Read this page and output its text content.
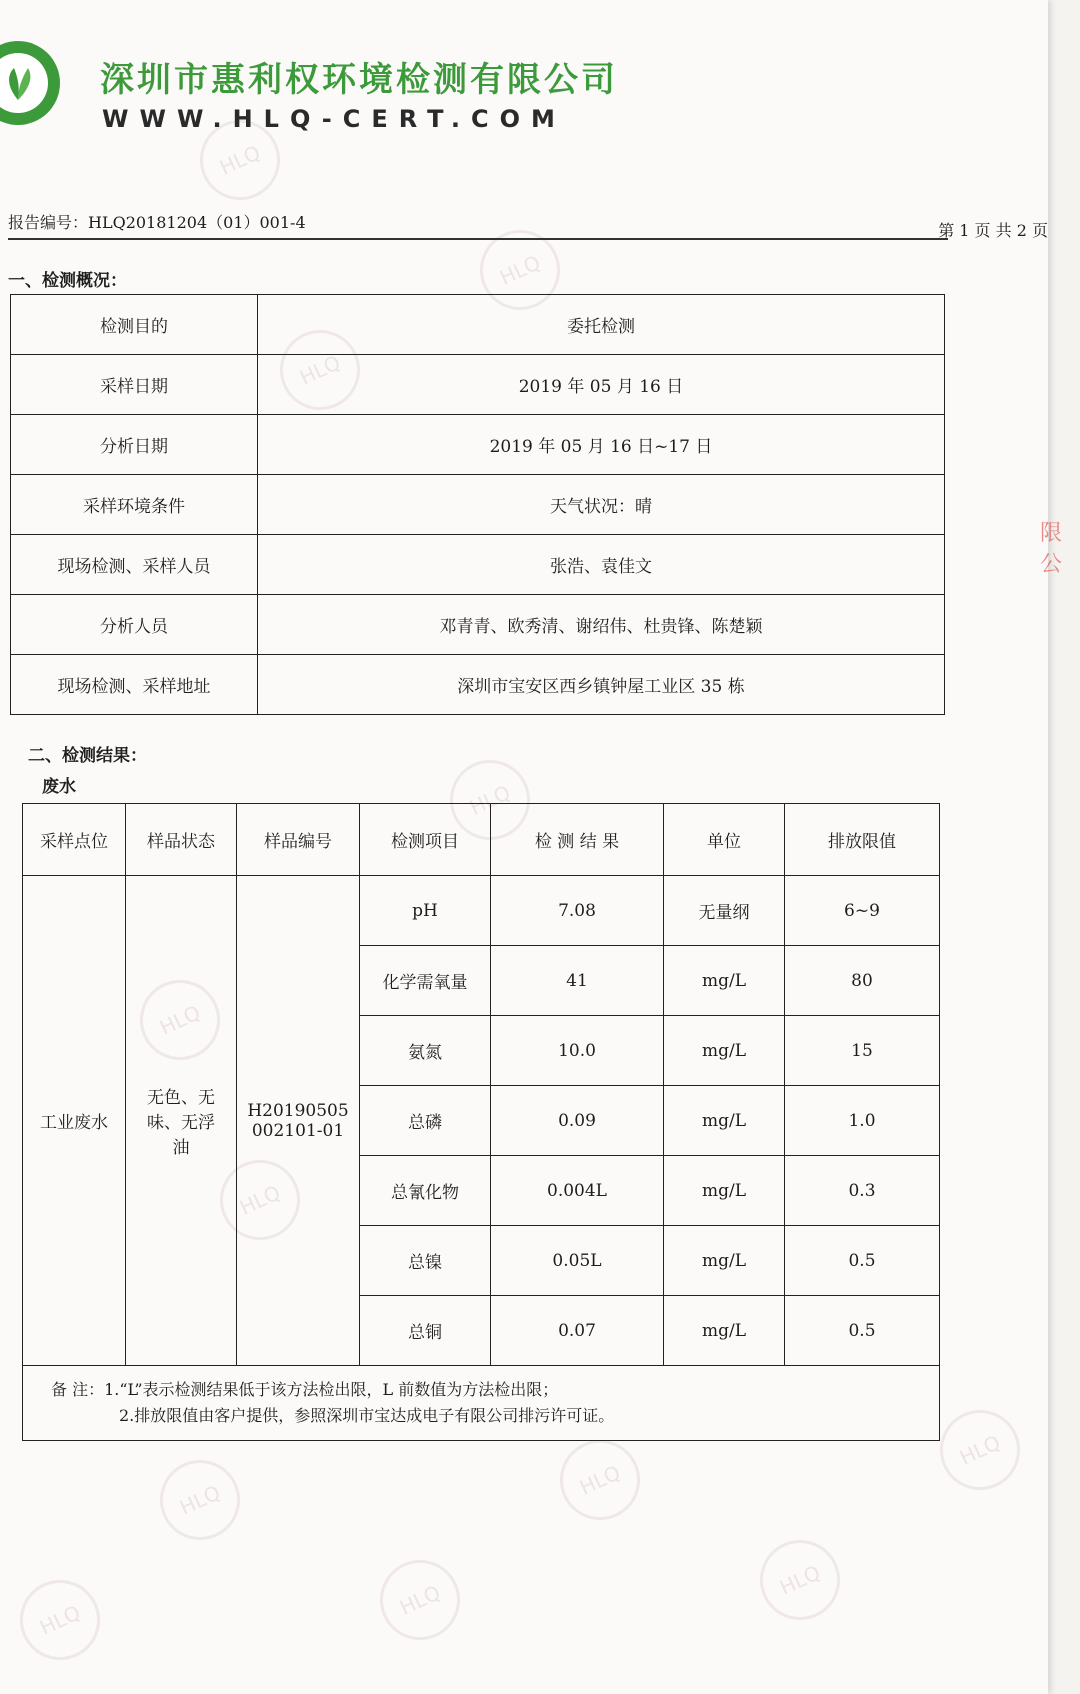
HLQ
HLQ
HLQ
HLQ
HLQ
HLQ
HLQ
HLQ
HLQ
HLQ
HLQ
HLQ
深圳市惠利权环境检测有限公司
WWW.HLQ-CERT.COM
报告编号：HLQ20181204（01）001-4	第 1 页 共 2 页
一、检测概况：
检测目的	委托检测
采样日期	2019 年 05 月 16 日
分析日期	2019 年 05 月 16 日~17 日
采样环境条件	天气状况：晴
现场检测、采样人员	张浩、袁佳文
分析人员	邓青青、欧秀清、谢绍伟、杜贵锋、陈楚颖
现场检测、采样地址	深圳市宝安区西乡镇钟屋工业区 35 栋
二、检测结果：
废水
采样点位	样品状态	样品编号	检测项目	检 测 结 果	单位	排放限值
工业废水	无色、无味、无浮油	H20190505002101-01	pH	7.08	无量纲	6~9
			化学需氧量	41	mg/L	80
			氨氮	10.0	mg/L	15
			总磷	0.09	mg/L	1.0
			总氰化物	0.004L	mg/L	0.3
			总镍	0.05L	mg/L	0.5
			总铜	0.07	mg/L	0.5

备 注：1.“L”表示检测结果低于该方法检出限，L 前数值为方法检出限；
2.排放限值由客户提供，参照深圳市宝达成电子有限公司排污许可证。						
限 公
